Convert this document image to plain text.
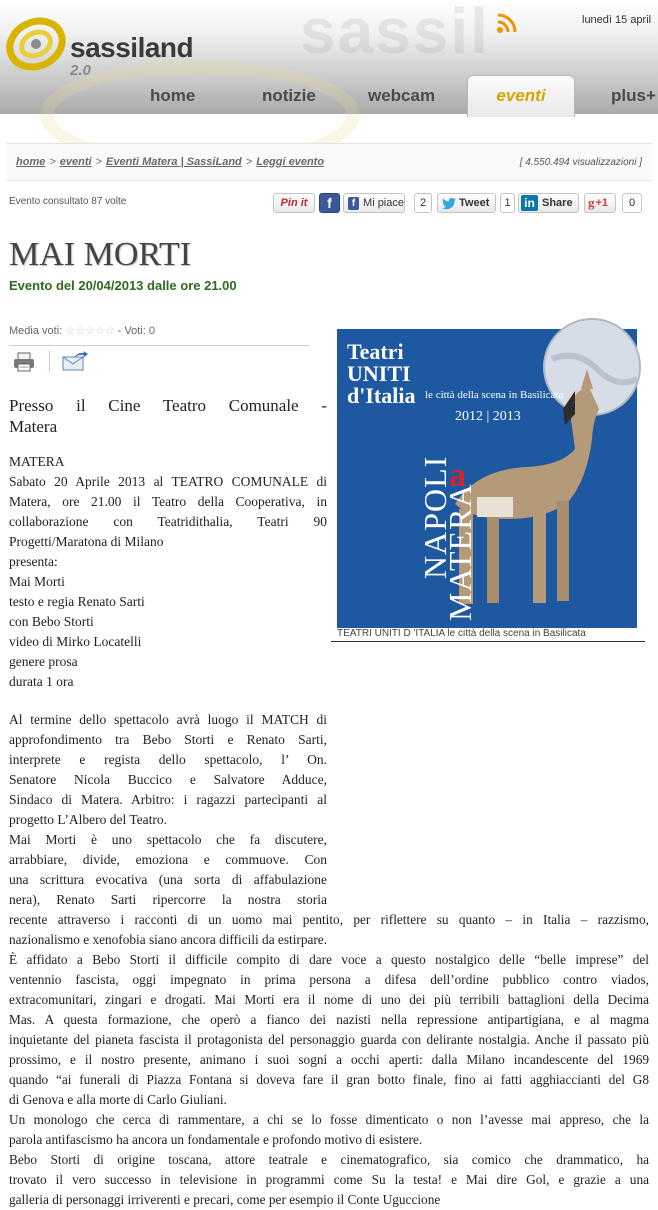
sassil
sassiland
2.0
lunedì 15 april
home	notizie	webcam	eventi	plus+
home > eventi > Eventi Matera | SassiLand > Leggi evento	[ 4.550.494 visualizzazioni ]
Evento consultato 87 volte	Pin it	f	f Mi piace	2	Tweet	1	in Share g +1	0
MAI MORTI
Evento del 20/04/2013 dalle ore 21.00
Media voti: ☆☆☆☆☆ - Voti: 0
Teatri
UNITI
d'Italia le città della scena in Basilicata
2012 | 2013
NAPOLI
MATERA
a
TEATRI UNITI D 'ITALIA le città della scena in Basilicata
Presso il Cine Teatro Comunale -
Matera
MATERA
Sabato 20 Aprile 2013 al TEATRO COMUNALE di
Matera, ore 21.00 il Teatro della Cooperativa, in
collaborazione con Teatridithalia, Teatri 90
Progetti/Maratona di Milano
presenta:
Mai Morti
testo e regia Renato Sarti
con Bebo Storti
video di Mirko Locatelli
genere prosa
durata 1 ora
Al termine dello spettacolo avrà luogo il MATCH di
approfondimento tra Bebo Storti e Renato Sarti,
interprete e regista dello spettacolo, l’ On.
Senatore Nicola Buccico e Salvatore Adduce,
Sindaco di Matera. Arbitro: i ragazzi partecipanti al
progetto L’Albero del Teatro.
Mai Morti è uno spettacolo che fa discutere,
arrabbiare, divide, emoziona e commuove. Con
una scrittura evocativa (una sorta di affabulazione
nera), Renato Sarti ripercorre la nostra storia
recente attraverso i racconti di un uomo mai pentito, per riflettere su quanto – in Italia – razzismo,
nazionalismo e xenofobia siano ancora difficili da estirpare.
È affidato a Bebo Storti il difficile compito di dare voce a questo nostalgico delle “belle imprese” del
ventennio fascista, oggi impegnato in prima persona a difesa dell’ordine pubblico contro viados,
extracomunitari, zingari e drogati. Mai Morti era il nome di uno dei più terribili battaglioni della Decima
Mas. A questa formazione, che operò a fianco dei nazisti nella repressione antipartigiana, e al magma
inquietante del pianeta fascista il protagonista del personaggio guarda con delirante nostalgia. Anche il passato più
prossimo, e il nostro presente, animano i suoi sogni a occhi aperti: dalla Milano incandescente del 1969
quando “ai funerali di Piazza Fontana si doveva fare il gran botto finale, fino ai fatti agghiaccianti del G8
di Genova e alla morte di Carlo Giuliani.
Un monologo che cerca di rammentare, a chi se lo fosse dimenticato o non l’avesse mai appreso, che la
parola antifascismo ha ancora un fondamentale e profondo motivo di esistere.
Bebo Storti di origine toscana, attore teatrale e cinematografico, sia comico che drammatico, ha
trovato il vero successo in televisione in programmi come Su la testa! e Mai dire Gol, e grazie a una
galleria di personaggi irriverenti e precari, come per esempio il Conte Uguccione
